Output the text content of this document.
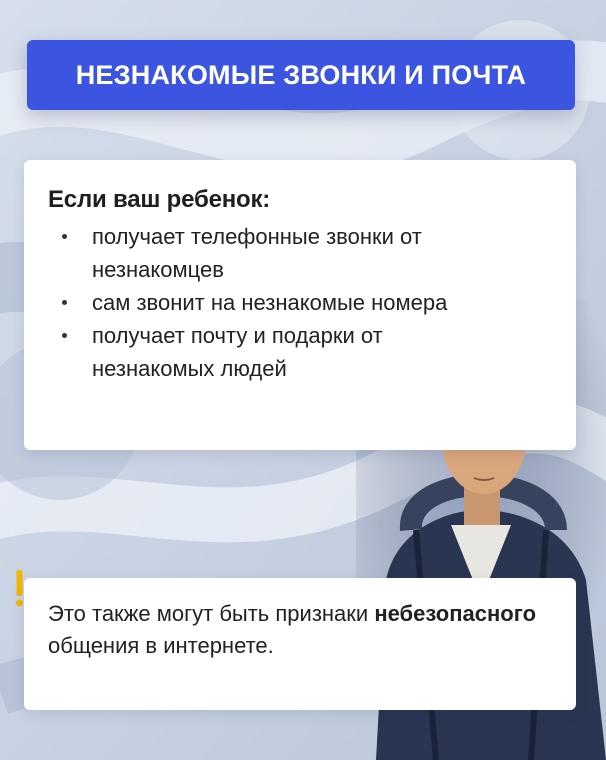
НЕЗНАКОМЫЕ ЗВОНКИ И ПОЧТА
Если ваш ребенок:
получает телефонные звонки от незнакомцев
сам звонит на незнакомые номера
получает почту и подарки от незнакомых людей
Это также могут быть признаки небезопасного общения в интернете.
